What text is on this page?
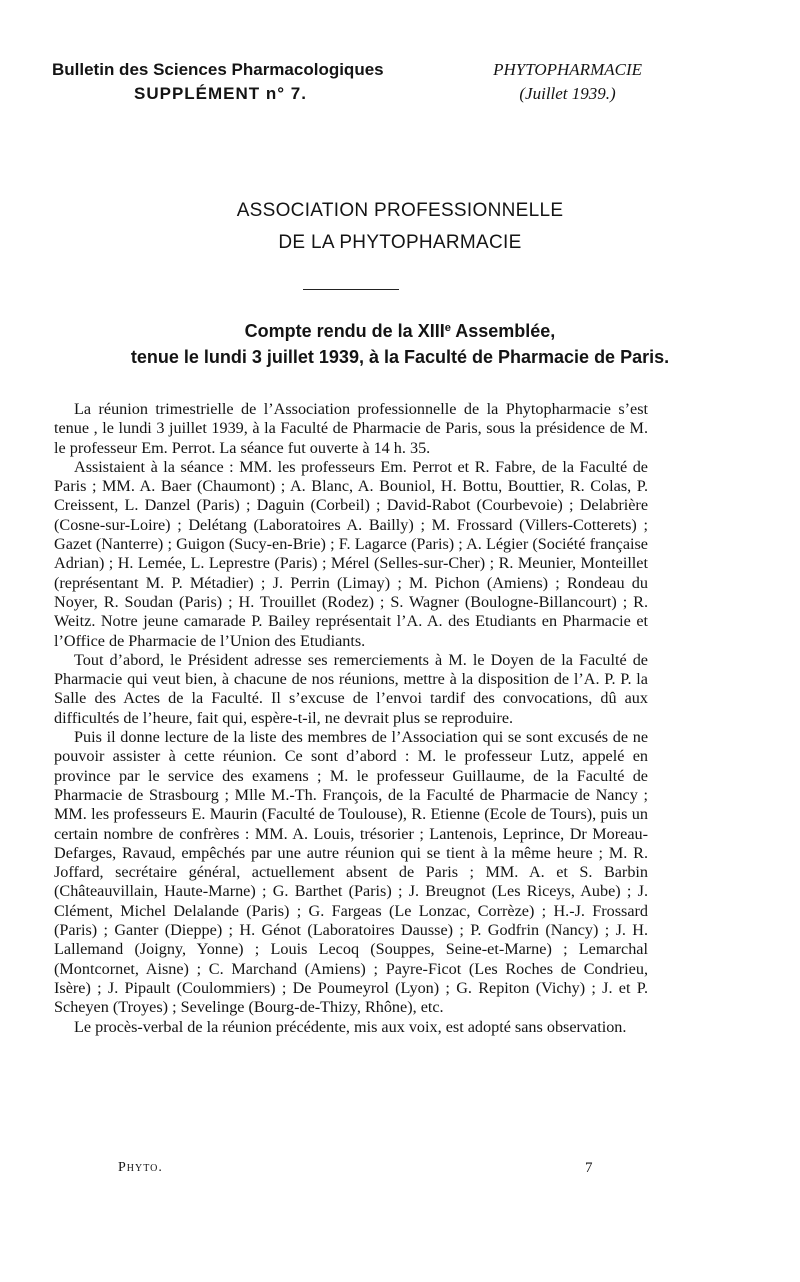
Bulletin des Sciences Pharmacologiques
SUPPLÉMENT n° 7.
PHYTOPHARMACIE
(Juillet 1939.)
ASSOCIATION PROFESSIONNELLE
DE LA PHYTOPHARMACIE
Compte rendu de la XIIIe Assemblée,
tenue le lundi 3 juillet 1939, à la Faculté de Pharmacie de Paris.

La réunion trimestrielle de l’Association professionnelle de la Phytopharmacie s’est tenue , le lundi 3 juillet 1939, à la Faculté de Pharmacie de Paris, sous la présidence de M. le professeur Em. Perrot. La séance fut ouverte à 14 h. 35.

Assistaient à la séance : MM. les professeurs Em. Perrot et R. Fabre, de la Faculté de Paris ; MM. A. Baer (Chaumont) ; A. Blanc, A. Bouniol, H. Bottu, Bouttier, R. Colas, P. Creissent, L. Danzel (Paris) ; Daguin (Corbeil) ; David-Rabot (Courbevoie) ; Delabrière (Cosne-sur-Loire) ; Delétang (Laboratoires A. Bailly) ; M. Frossard (Villers-Cotterets) ; Gazet (Nanterre) ; Guigon (Sucy-en-Brie) ; F. Lagarce (Paris) ; A. Légier (Société française Adrian) ; H. Lemée, L. Leprestre (Paris) ; Mérel (Selles-sur-Cher) ; R. Meunier, Monteillet (représentant M. P. Métadier) ; J. Perrin (Limay) ; M. Pichon (Amiens) ; Rondeau du Noyer, R. Soudan (Paris) ; H. Trouillet (Rodez) ; S. Wagner (Boulogne-Billancourt) ; R. Weitz. Notre jeune camarade P. Bailey représentait l’A. A. des Etudiants en Pharmacie et l’Office de Pharmacie de l’Union des Etudiants.

Tout d’abord, le Président adresse ses remerciements à M. le Doyen de la Faculté de Pharmacie qui veut bien, à chacune de nos réunions, mettre à la disposition de l’A. P. P. la Salle des Actes de la Faculté. Il s’excuse de l’envoi tardif des convocations, dû aux difficultés de l’heure, fait qui, espère-t-il, ne devrait plus se reproduire.

Puis il donne lecture de la liste des membres de l’Association qui se sont excusés de ne pouvoir assister à cette réunion. Ce sont d’abord : M. le professeur Lutz, appelé en province par le service des examens ; M. le professeur Guillaume, de la Faculté de Pharmacie de Strasbourg ; Mlle M.-Th. François, de la Faculté de Pharmacie de Nancy ; MM. les professeurs E. Maurin (Faculté de Toulouse), R. Etienne (Ecole de Tours), puis un certain nombre de confrères : MM. A. Louis, trésorier ; Lantenois, Leprince, Dr Moreau-Defarges, Ravaud, empêchés par une autre réunion qui se tient à la même heure ; M. R. Joffard, secrétaire général, actuellement absent de Paris ; MM. A. et S. Barbin (Châteauvillain, Haute-Marne) ; G. Barthet (Paris) ; J. Breugnot (Les Riceys, Aube) ; J. Clément, Michel Delalande (Paris) ; G. Fargeas (Le Lonzac, Corrèze) ; H.-J. Frossard (Paris) ; Ganter (Dieppe) ; H. Génot (Laboratoires Dausse) ; P. Godfrin (Nancy) ; J. H. Lallemand (Joigny, Yonne) ; Louis Lecoq (Souppes, Seine-et-Marne) ; Lemarchal (Montcornet, Aisne) ; C. Marchand (Amiens) ; Payre-Ficot (Les Roches de Condrieu, Isère) ; J. Pipault (Coulommiers) ; De Poumeyrol (Lyon) ; G. Repiton (Vichy) ; J. et P. Scheyen (Troyes) ; Sevelinge (Bourg-de-Thizy, Rhône), etc.

Le procès-verbal de la réunion précédente, mis aux voix, est adopté sans observation.

Phyto.	7
